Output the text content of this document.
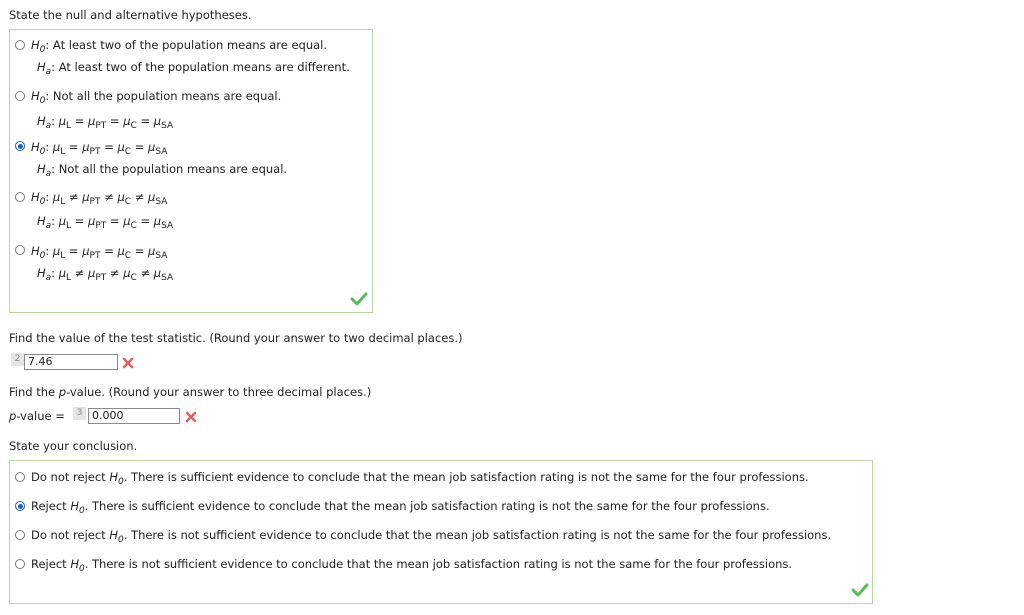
State the null and alternative hypotheses.
$H_0$: At least two of the population means are equal.
$H_a$: At least two of the population means are different.
$H_0$: Not all the population means are equal.
$H_a$: $\mu_L = \mu_{PT} = \mu_C = \mu_{SA}$
$H_0$: $\mu_L = \mu_{PT} = \mu_C = \mu_{SA}$
$H_a$: Not all the population means are equal.
$H_0$: $\mu_L \ne \mu_{PT} \ne \mu_C \ne \mu_{SA}$
$H_a$: $\mu_L = \mu_{PT} = \mu_C = \mu_{SA}$
$H_0$: $\mu_L = \mu_{PT} = \mu_C = \mu_{SA}$
$H_a$: $\mu_L \ne \mu_{PT} \ne \mu_C \ne \mu_{SA}$
Find the value of the test statistic. (Round your answer to two decimal places.)
2 7.46
Find the p-value. (Round your answer to three decimal places.)
p-value =	3 0.000
State your conclusion.
Do not reject $H_0$. There is sufficient evidence to conclude that the mean job satisfaction rating is not the same for the four professions.
Reject $H_0$. There is sufficient evidence to conclude that the mean job satisfaction rating is not the same for the four professions.
Do not reject $H_0$. There is not sufficient evidence to conclude that the mean job satisfaction rating is not the same for the four professions.
Reject $H_0$. There is not sufficient evidence to conclude that the mean job satisfaction rating is not the same for the four professions.
